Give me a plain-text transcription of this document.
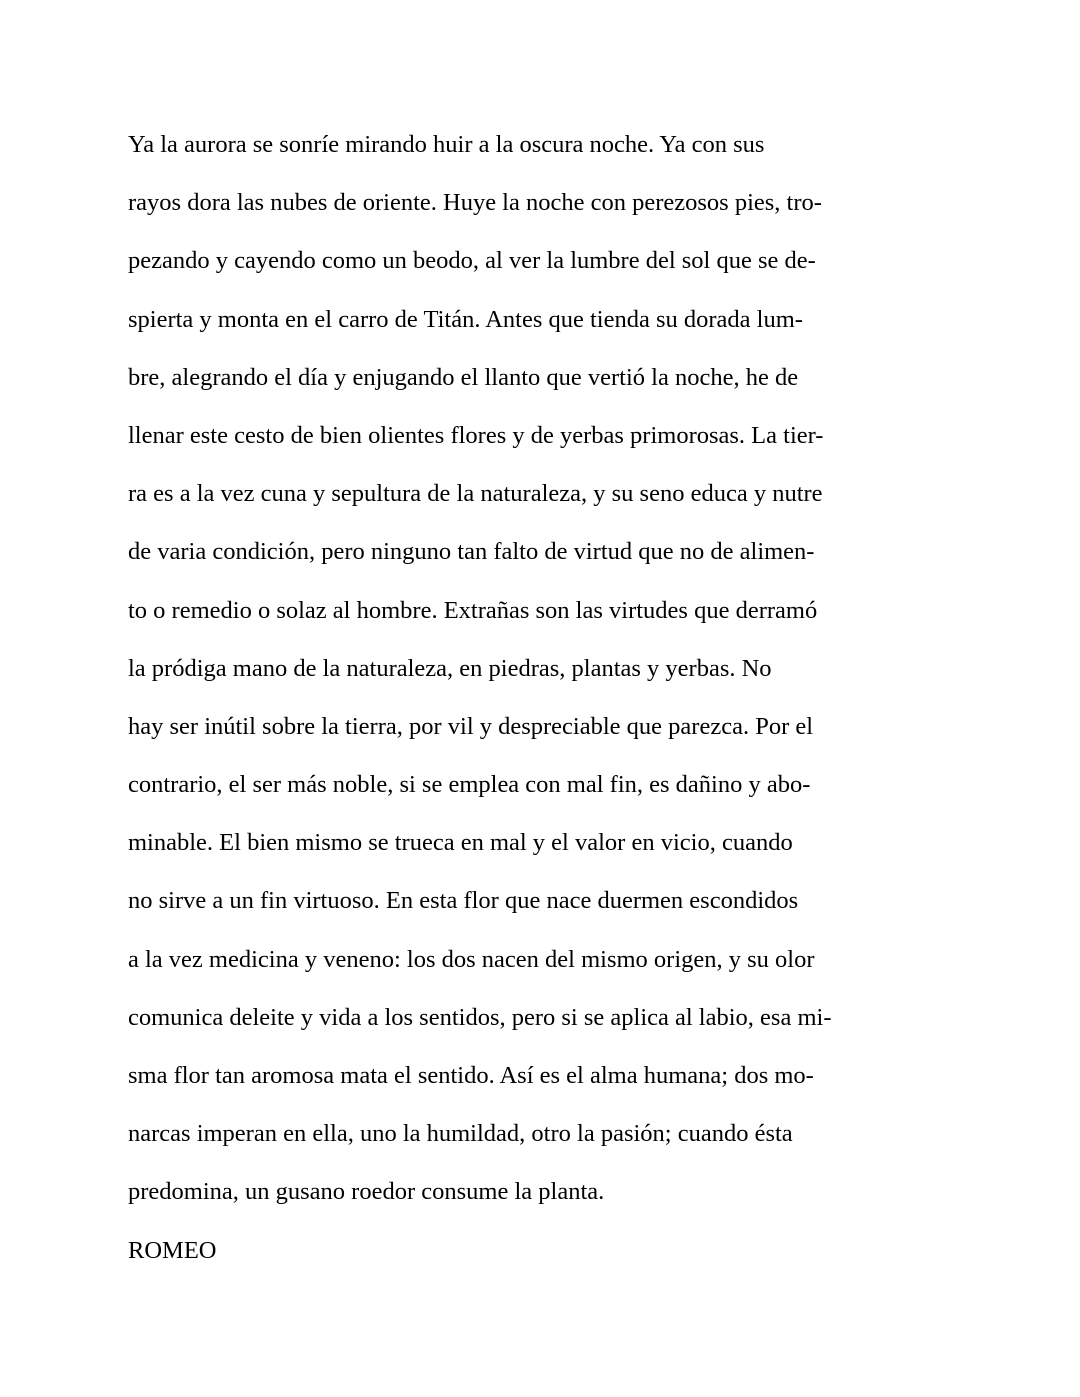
Ya la aurora se sonríe mirando huir a la oscura noche. Ya con sus
rayos dora las nubes de oriente. Huye la noche con perezosos pies, tro-
pezando y cayendo como un beodo, al ver la lumbre del sol que se de-
spierta y monta en el carro de Titán. Antes que tienda su dorada lum-
bre, alegrando el día y enjugando el llanto que vertió la noche, he de
llenar este cesto de bien olientes flores y de yerbas primorosas. La tier-
ra es a la vez cuna y sepultura de la naturaleza, y su seno educa y nutre
de varia condición, pero ninguno tan falto de virtud que no de alimen-
to o remedio o solaz al hombre. Extrañas son las virtudes que derramó
la pródiga mano de la naturaleza, en piedras, plantas y yerbas. No
hay ser inútil sobre la tierra, por vil y despreciable que parezca. Por el
contrario, el ser más noble, si se emplea con mal fin, es dañino y abo-
minable. El bien mismo se trueca en mal y el valor en vicio, cuando
no sirve a un fin virtuoso. En esta flor que nace duermen escondidos
a la vez medicina y veneno: los dos nacen del mismo origen, y su olor
comunica deleite y vida a los sentidos, pero si se aplica al labio, esa mi-
sma flor tan aromosa mata el sentido. Así es el alma humana; dos mo-
narcas imperan en ella, uno la humildad, otro la pasión; cuando ésta
predomina, un gusano roedor consume la planta.
ROMEO
